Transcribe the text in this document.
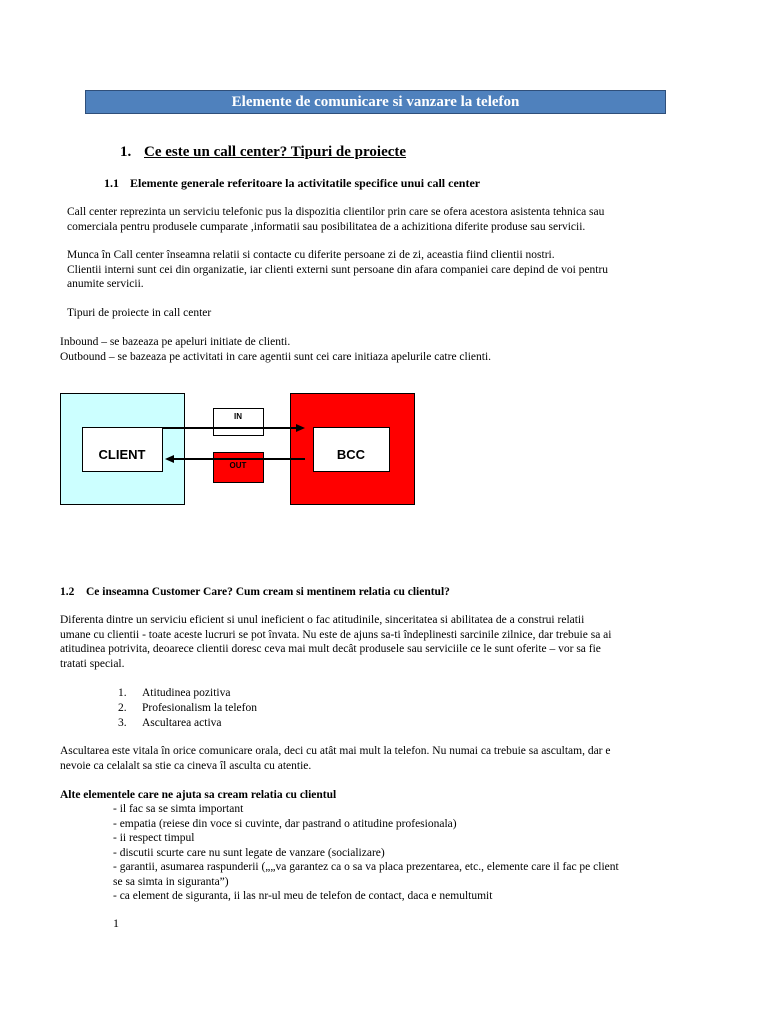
Elemente de comunicare si vanzare la telefon
1. Ce este un call center? Tipuri de proiecte
1.1 Elemente generale referitoare la activitatile specifice unui call center
Call center reprezinta un serviciu telefonic pus la dispozitia clientilor prin care se ofera acestora asistenta tehnica sau
comerciala pentru produsele cumparate ,informatii sau posibilitatea de a achizitiona diferite produse sau servicii.
Munca în Call center înseamna relatii si contacte cu diferite persoane zi de zi, aceastia fiind clientii nostri.
Clientii interni sunt cei din organizatie, iar clienti externi sunt persoane din afara companiei care depind de voi pentru
anumite servicii.
Tipuri de proiecte in call center
Inbound – se bazeaza pe apeluri initiate de clienti.
Outbound – se bazeaza pe activitati in care agentii sunt cei care initiaza apelurile catre clienti.
CLIENT	BCC
IN
OUT
1.2 Ce inseamna Customer Care? Cum cream si mentinem relatia cu clientul?
Diferenta dintre un serviciu eficient si unul ineficient o fac atitudinile, sinceritatea si abilitatea de a construi relatii
umane cu clientii - toate aceste lucruri se pot învata. Nu este de ajuns sa-ti îndeplinesti sarcinile zilnice, dar trebuie sa ai
atitudinea potrivita, deoarece clientii doresc ceva mai mult decât produsele sau serviciile ce le sunt oferite – vor sa fie
tratati special.
1.	Atitudinea pozitiva
2.	Profesionalism la telefon
3.	Ascultarea activa
Ascultarea este vitala în orice comunicare orala, deci cu atât mai mult la telefon. Nu numai ca trebuie sa ascultam, dar e
nevoie ca celalalt sa stie ca cineva îl asculta cu atentie.
Alte elementele care ne ajuta sa cream relatia cu clientul
- il fac sa se simta important
- empatia (reiese din voce si cuvinte, dar pastrand o atitudine profesionala)
- ii respect timpul
- discutii scurte care nu sunt legate de vanzare (socializare)
- garantii, asumarea raspunderii („„va garantez ca o sa va placa prezentarea, etc., elemente care il fac pe client
se sa simta in siguranta”)
- ca element de siguranta, ii las nr-ul meu de telefon de contact, daca e nemultumit
1
